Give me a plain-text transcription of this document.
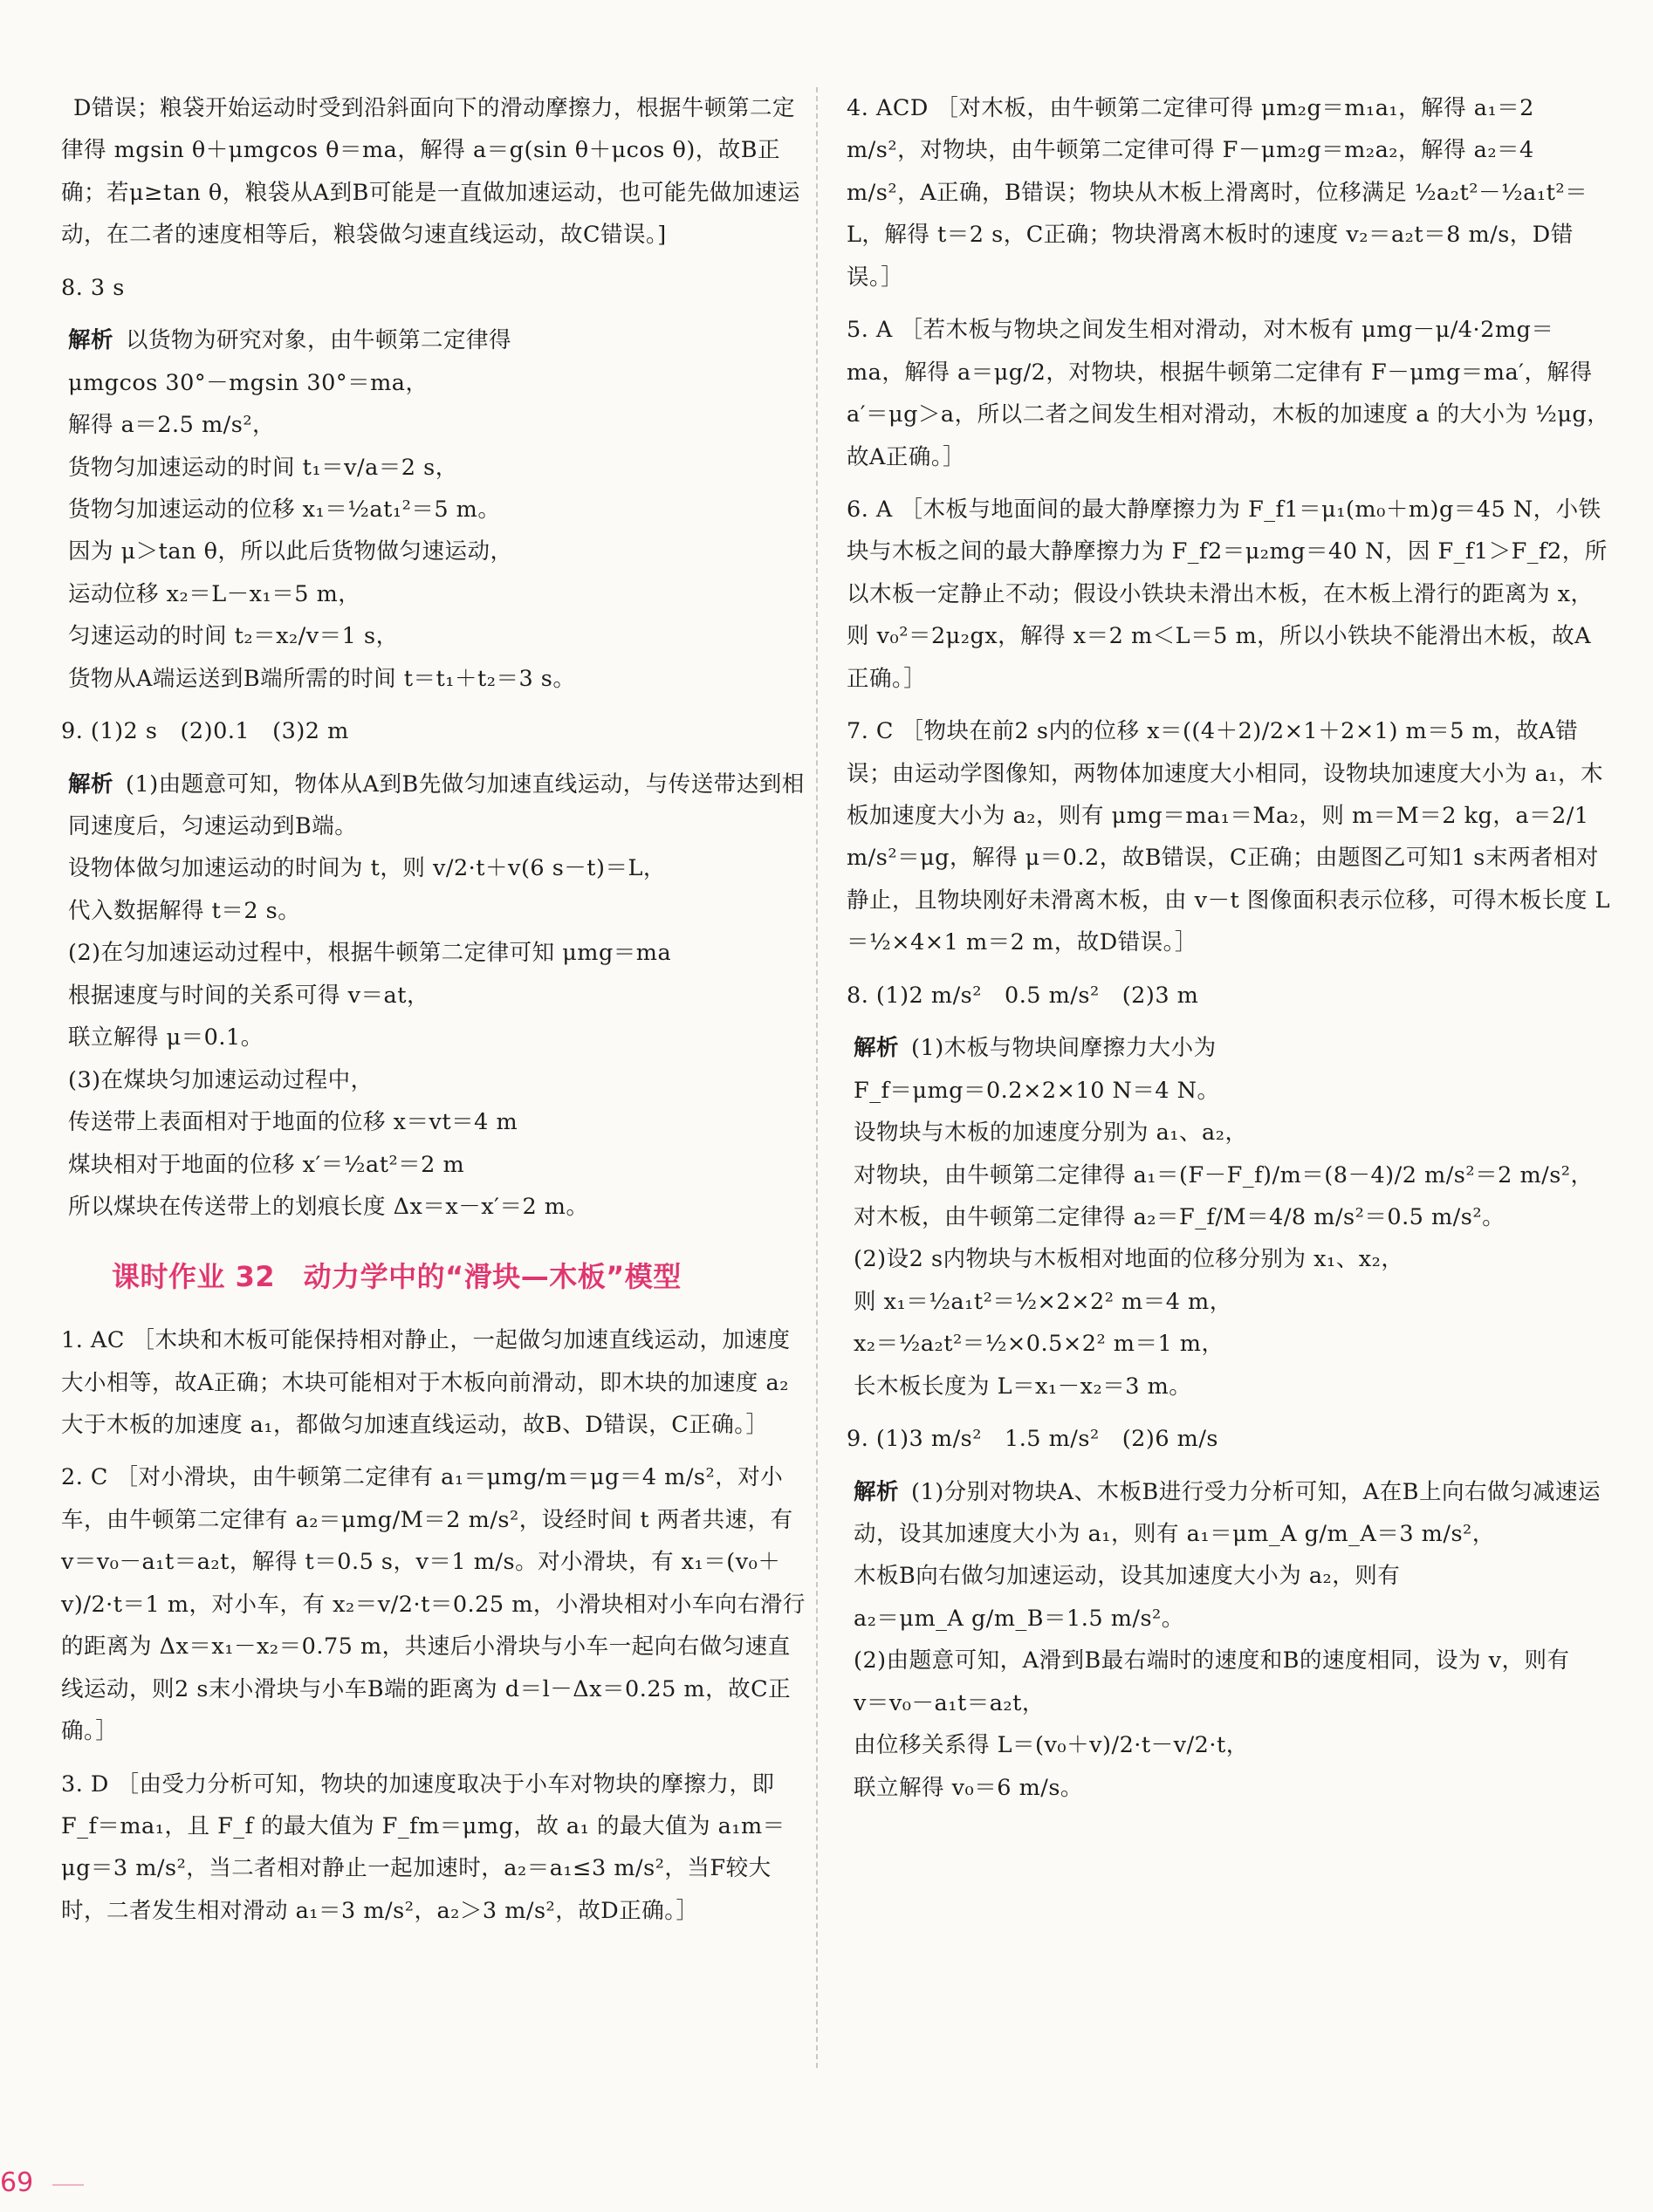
D错误；粮袋开始运动时受到沿斜面向下的滑动摩擦力，根据牛顿第二定律得 mgsin θ＋μmgcos θ＝ma，解得 a＝g(sin θ＋μcos θ)，故B正确；若μ≥tan θ，粮袋从A到B可能是一直做加速运动，也可能先做加速运动，在二者的速度相等后，粮袋做匀速直线运动，故C错误。]
8. 3 s
解析 以货物为研究对象，由牛顿第二定律得
μmgcos 30°－mgsin 30°＝ma，
解得 a＝2.5 m/s²，
货物匀加速运动的时间 t₁＝v/a＝2 s，
货物匀加速运动的位移 x₁＝½at₁²＝5 m。
因为 μ＞tan θ，所以此后货物做匀速运动，
运动位移 x₂＝L－x₁＝5 m，
匀速运动的时间 t₂＝x₂/v＝1 s，
货物从A端运送到B端所需的时间 t＝t₁＋t₂＝3 s。
9. (1)2 s　(2)0.1　(3)2 m
解析 (1)由题意可知，物体从A到B先做匀加速直线运动，与传送带达到相同速度后，匀速运动到B端。
设物体做匀加速运动的时间为 t，则 v/2·t＋v(6 s－t)＝L，
代入数据解得 t＝2 s。
(2)在匀加速运动过程中，根据牛顿第二定律可知 μmg＝ma
根据速度与时间的关系可得 v＝at，
联立解得 μ＝0.1。
(3)在煤块匀加速运动过程中，
传送带上表面相对于地面的位移 x＝vt＝4 m
煤块相对于地面的位移 x′＝½at²＝2 m
所以煤块在传送带上的划痕长度 Δx＝x－x′＝2 m。
课时作业 32　动力学中的“滑块—木板”模型
1. AC ［木块和木板可能保持相对静止，一起做匀加速直线运动，加速度大小相等，故A正确；木块可能相对于木板向前滑动，即木块的加速度 a₂ 大于木板的加速度 a₁，都做匀加速直线运动，故B、D错误，C正确。］
2. C ［对小滑块，由牛顿第二定律有 a₁＝μmg/m＝μg＝4 m/s²，对小车，由牛顿第二定律有 a₂＝μmg/M＝2 m/s²，设经时间 t 两者共速，有 v＝v₀－a₁t＝a₂t，解得 t＝0.5 s，v＝1 m/s。对小滑块，有 x₁＝(v₀＋v)/2·t＝1 m，对小车，有 x₂＝v/2·t＝0.25 m，小滑块相对小车向右滑行的距离为 Δx＝x₁－x₂＝0.75 m，共速后小滑块与小车一起向右做匀速直线运动，则2 s末小滑块与小车B端的距离为 d＝l－Δx＝0.25 m，故C正确。］
3. D ［由受力分析可知，物块的加速度取决于小车对物块的摩擦力，即 F_f＝ma₁，且 F_f 的最大值为 F_fm＝μmg，故 a₁ 的最大值为 a₁m＝μg＝3 m/s²，当二者相对静止一起加速时，a₂＝a₁≤3 m/s²，当F较大时，二者发生相对滑动 a₁＝3 m/s²，a₂＞3 m/s²，故D正确。］
4. ACD ［对木板，由牛顿第二定律可得 μm₂g＝m₁a₁，解得 a₁＝2 m/s²，对物块，由牛顿第二定律可得 F－μm₂g＝m₂a₂，解得 a₂＝4 m/s²，A正确，B错误；物块从木板上滑离时，位移满足 ½a₂t²－½a₁t²＝L，解得 t＝2 s，C正确；物块滑离木板时的速度 v₂＝a₂t＝8 m/s，D错误。］
5. A ［若木板与物块之间发生相对滑动，对木板有 μmg－μ/4·2mg＝ma，解得 a＝μg/2，对物块，根据牛顿第二定律有 F－μmg＝ma′，解得 a′＝μg＞a，所以二者之间发生相对滑动，木板的加速度 a 的大小为 ½μg，故A正确。］
6. A ［木板与地面间的最大静摩擦力为 F_f1＝μ₁(m₀＋m)g＝45 N，小铁块与木板之间的最大静摩擦力为 F_f2＝μ₂mg＝40 N，因 F_f1＞F_f2，所以木板一定静止不动；假设小铁块未滑出木板，在木板上滑行的距离为 x，则 v₀²＝2μ₂gx，解得 x＝2 m＜L＝5 m，所以小铁块不能滑出木板，故A正确。］
7. C ［物块在前2 s内的位移 x＝((4＋2)/2×1＋2×1) m＝5 m，故A错误；由运动学图像知，两物体加速度大小相同，设物块加速度大小为 a₁，木板加速度大小为 a₂，则有 μmg＝ma₁＝Ma₂，则 m＝M＝2 kg，a＝2/1 m/s²＝μg，解得 μ＝0.2，故B错误，C正确；由题图乙可知1 s末两者相对静止，且物块刚好未滑离木板，由 v－t 图像面积表示位移，可得木板长度 L＝½×4×1 m＝2 m，故D错误。］
8. (1)2 m/s²　0.5 m/s²　(2)3 m
解析 (1)木板与物块间摩擦力大小为
F_f＝μmg＝0.2×2×10 N＝4 N。
设物块与木板的加速度分别为 a₁、a₂，
对物块，由牛顿第二定律得 a₁＝(F－F_f)/m＝(8－4)/2 m/s²＝2 m/s²，
对木板，由牛顿第二定律得 a₂＝F_f/M＝4/8 m/s²＝0.5 m/s²。
(2)设2 s内物块与木板相对地面的位移分别为 x₁、x₂，
则 x₁＝½a₁t²＝½×2×2² m＝4 m，
x₂＝½a₂t²＝½×0.5×2² m＝1 m，
长木板长度为 L＝x₁－x₂＝3 m。
9. (1)3 m/s²　1.5 m/s²　(2)6 m/s
解析 (1)分别对物块A、木板B进行受力分析可知，A在B上向右做匀减速运动，设其加速度大小为 a₁，则有 a₁＝μm_A g/m_A＝3 m/s²，
木板B向右做匀加速运动，设其加速度大小为 a₂，则有
a₂＝μm_A g/m_B＝1.5 m/s²。
(2)由题意可知，A滑到B最右端时的速度和B的速度相同，设为 v，则有
v＝v₀－a₁t＝a₂t，
由位移关系得 L＝(v₀＋v)/2·t－v/2·t，
联立解得 v₀＝6 m/s。
69
